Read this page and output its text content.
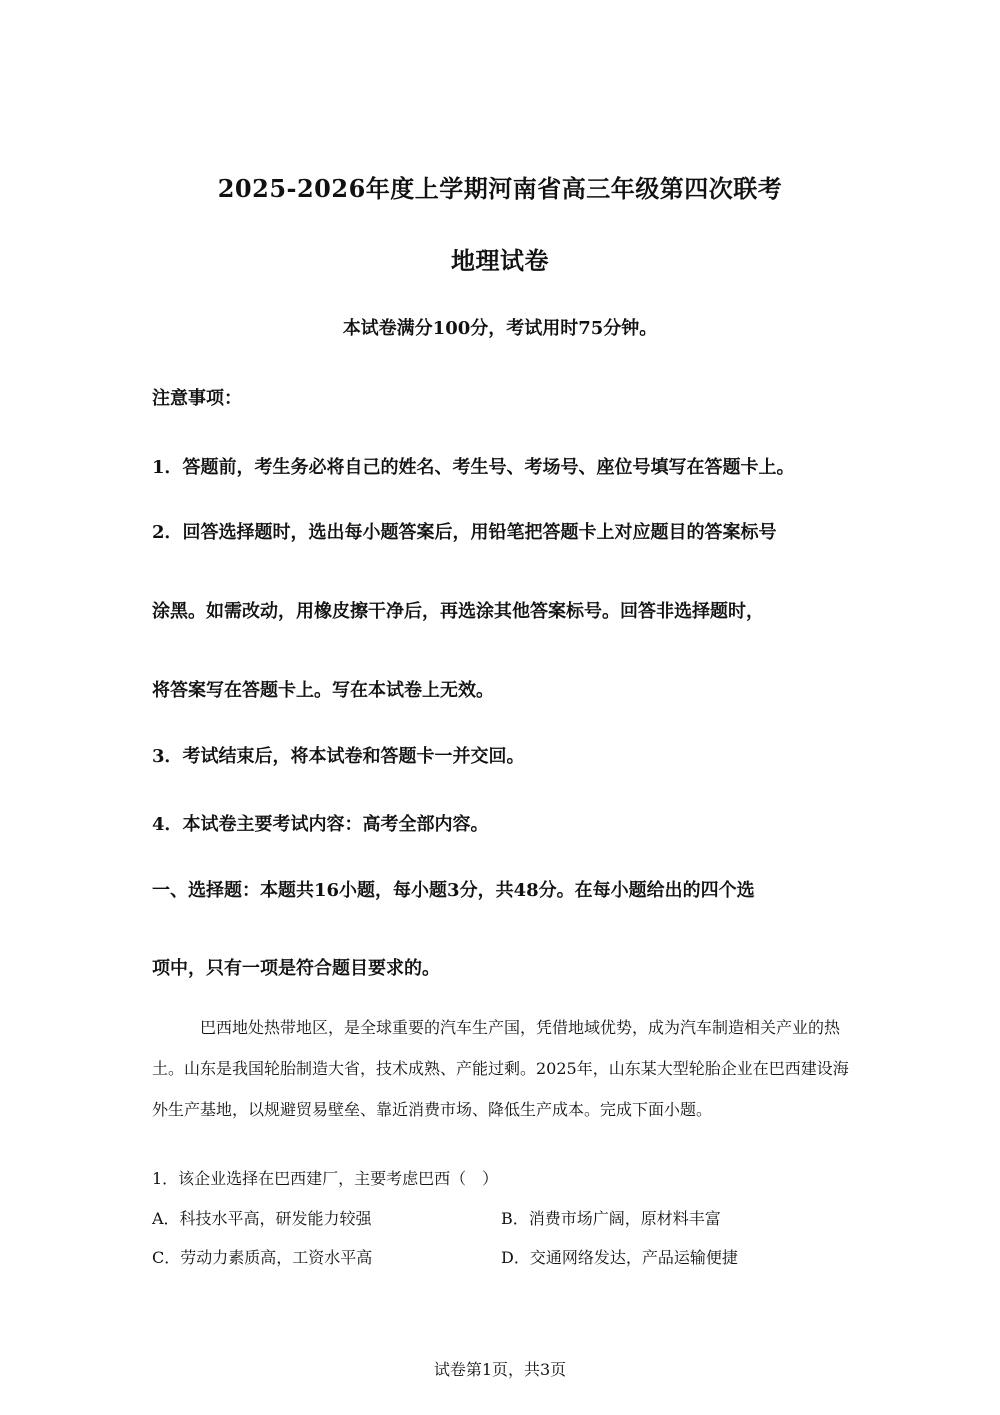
2025-2026年度上学期河南省高三年级第四次联考
地理试卷
本试卷满分100分，考试用时75分钟。
注意事项：
1．答题前，考生务必将自己的姓名、考生号、考场号、座位号填写在答题卡上。
2．回答选择题时，选出每小题答案后，用铅笔把答题卡上对应题目的答案标号
涂黑。如需改动，用橡皮擦干净后，再选涂其他答案标号。回答非选择题时，
将答案写在答题卡上。写在本试卷上无效。
3．考试结束后，将本试卷和答题卡一并交回。
4．本试卷主要考试内容：高考全部内容。
一、选择题：本题共16小题，每小题3分，共48分。在每小题给出的四个选
项中，只有一项是符合题目要求的。
巴西地处热带地区，是全球重要的汽车生产国，凭借地域优势，成为汽车制造相关产业的热土。山东是我国轮胎制造大省，技术成熟、产能过剩。2025年，山东某大型轮胎企业在巴西建设海外生产基地，以规避贸易壁垒、靠近消费市场、降低生产成本。完成下面小题。
1．该企业选择在巴西建厂，主要考虑巴西（　）
A．科技水平高，研发能力较强	B．消费市场广阔，原材料丰富
C．劳动力素质高，工资水平高	D．交通网络发达，产品运输便捷
试卷第1页，共3页
